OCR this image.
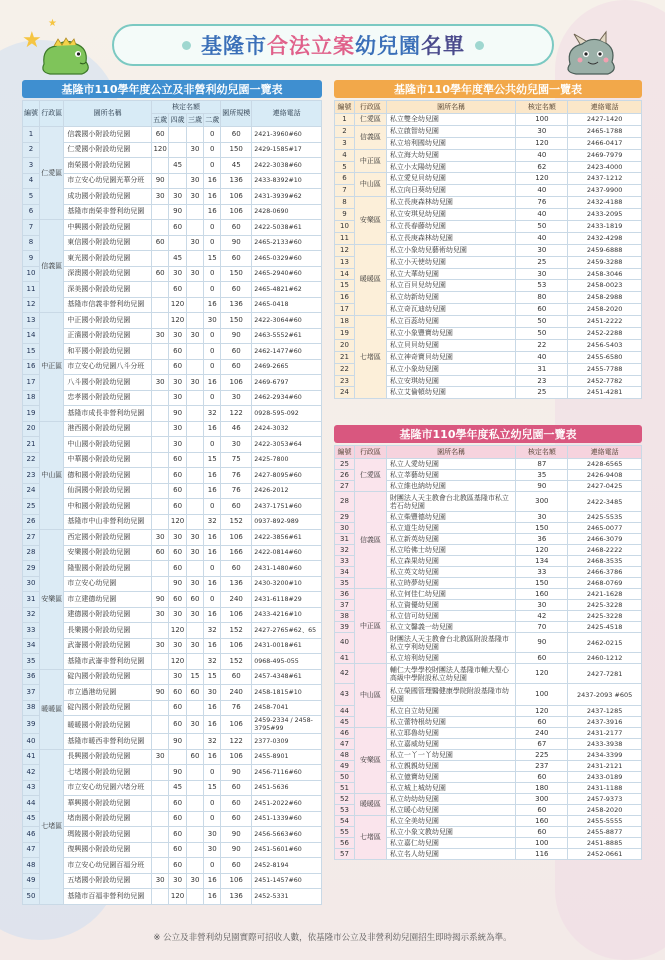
★
★
基隆市合法立案幼兒園名單
基隆市110學年度公立及非營利幼兒園一覽表
編號	行政區	園所名稱	核定名額				園所規模	連絡電話
			五歲	四歲	三歲	二歲		
1	仁愛區	信義國小附設幼兒園	60			0	60	2421-3960#60
2		仁愛國小附設幼兒園	120		30	0	150	2429-1585#17
3		南榮國小附設幼兒園		45		0	45	2422-3038#60
4		市立安心幼兒園光華分班	90		30	16	136	2433-8392#10
5		成功國小附設幼兒園	30	30	30	16	106	2431-3939#62
6		基隆市南榮非營利幼兒園		90		16	106	2428-0690
7	信義區	中興國小附設幼兒園		60		0	60	2422-5038#61
8		東信國小附設幼兒園	60		30	0	90	2465-2133#60
9		東光國小附設幼兒園		45		15	60	2465-0329#60
10		深澳國小附設幼兒園	60	30	30	0	150	2465-2940#60
11		深美國小附設幼兒園		60		0	60	2465-4821#62
12		基隆市信義非營利幼兒園		120		16	136	2465-0418
13	中正區	中正國小附設幼兒園		120		30	150	2422-3064#60
14		正濱國小附設幼兒園	30	30	30	0	90	2463-5552#61
15		和平國小附設幼兒園		60		0	60	2462-1477#60
16		市立安心幼兒園八斗分班		60		0	60	2469-2665
17		八斗國小附設幼兒園	30	30	30	16	106	2469-6797
18		忠孝國小附設幼兒園		30		0	30	2462-2934#60
19		基隆市成長非營利幼兒園		90		32	122	0928-595-092
20	中山區	港西國小附設幼兒園		30		16	46	2424-3032
21		中山國小附設幼兒園		30		0	30	2422-3053#64
22		中華國小附設幼兒園		60		15	75	2425-7800
23		德和國小附設幼兒園		60		16	76	2427-8095#60
24		仙洞國小附設幼兒園		60		16	76	2426-2012
25		中和國小附設幼兒園		60		0	60	2437-1751#60
26		基隆市中山非營利幼兒園		120		32	152	0937-892-989
27	安樂區	西定國小附設幼兒園	30	30	30	16	106	2422-3856#61
28		安樂國小附設幼兒園	60	60	30	16	166	2422-0814#60
29		隆聖國小附設幼兒園		60		0	60	2431-1480#60
30		市立安心幼兒園		90	30	16	136	2430-3200#10
31		市立建德幼兒園	90	60	60	0	240	2431-6118#29
32		建德國小附設幼兒園	30	30	30	16	106	2433-4216#10
33		長樂國小附設幼兒園		120		32	152	2427-2765#62、65
34		武崙國小附設幼兒園	30	30	30	16	106	2431-0018#61
35		基隆市武崙非營利幼兒園		120		32	152	0968-495-055
36	暖暖區	碇內國小附設幼兒園		30	15	15	60	2457-4348#61
37		市立過港幼兒園	90	60	60	30	240	2458-1815#10
38		碇內國小附設幼兒園		60		16	76	2458-7041
39		暖暖國小附設幼兒園		60	30	16	106	2459-2334 / 2458-3795#99
40		基隆市暖西非營利幼兒園		90		32	122	2377-0309
41	七堵區	長興國小附設幼兒園	30		60	16	106	2455-8901
42		七堵國小附設幼兒園		90		0	90	2456-7116#60
43		市立安心幼兒園六堵分班		45		15	60	2451-5636
44		華興國小附設幼兒園		60		0	60	2451-2022#60
45		堵南國小附設幼兒園		60		0	60	2451-1339#60
46		瑪陵國小附設幼兒園		60		30	90	2456-5663#60
47		復興國小附設幼兒園		60		30	90	2451-5601#60
48		市立安心幼兒園百福分班		60		0	60	2452-8194
49		五堵國小附設幼兒園	30	30	30	16	106	2451-1457#60
50		基隆市百福非營利幼兒園		120		16	136	2452-5331
基隆市110學年度準公共幼兒園一覽表
編號	行政區	園所名稱	核定名額	連絡電話
1	仁愛區	私立雙全幼兒園	100	2427-1420
2	信義區	私立啟智幼兒園	30	2465-1788
3		私立培利國幼兒園	120	2466-0417
4	中正區	私立海大幼兒園	40	2469-7979
5		私立小太陽幼兒園	62	2423-4000
6	中山區	私立愛兒貝幼兒園	120	2437-1212
7		私立向日葵幼兒園	40	2437-9900
8	安樂區	私立長庚森林幼兒園	76	2432-4188
9		私立安琪兒幼兒園	40	2433-2095
10		私立長春藤幼兒園	50	2433-1819
11		私立長庚森林幼兒園	40	2432-4298
12	暖暖區	私立小象幼兒藝術幼兒園	30	2459-6888
13		私立小天使幼兒園	25	2459-3288
14		私立大華幼兒園	30	2458-3046
15		私立百貝兒幼兒園	53	2458-0023
16		私立幼新幼兒園	80	2458-2988
17		私立奇瓦迪幼兒園	60	2458-2020
18	七堵區	私立百蕊幼兒園	50	2451-2222
19		私立小象豐寶幼兒園	50	2452-2288
20		私立貝貝幼兒園	22	2456-5403
21		私立神奇寶貝幼兒園	40	2455-6580
22		私立小象幼兒園	31	2455-7788
23		私立安琪幼兒園	23	2452-7782
24		私立艾倫頓幼兒園	25	2451-4281
基隆市110學年度私立幼兒園一覽表
編號	行政區	園所名稱	核定名額	連絡電話
25	仁愛區	私立人愛幼兒園	87	2428-6565
26		私立莘藝幼兒園	35	2426-9408
27		私立維也納幼兒園	90	2427-0425
28	信義區	財團法人天主教會台北教區基隆市私立若石幼兒園	300	2422-3485
29		私立柴豐德幼兒園	30	2425-5535
30		私立道生幼兒園	150	2465-0077
31		私立新英幼兒園	36	2466-3079
32		私立哈佛士幼兒園	120	2468-2222
33		私立森果幼兒園	134	2468-3535
34		私立英文幼兒園	33	2466-3786
35		私立時夢幼兒園	150	2468-0769
36	中正區	私立何佳仁幼兒園	160	2421-1628
37		私立資優幼兒園	30	2425-3228
38		私立信可幼兒園	42	2425-3228
39		私立文馨義一幼兒園	70	2425-4518
40		財團法人天主教會台北教區附設基隆市私立亨利幼兒園	90	2462-0215
41		私立培利幼兒園	60	2460-1212
42	中山區	輔仁大學學校財團法人基隆市輔大聖心高級中學附設私立幼兒園	120	2427-7281
43		私立榮國管理醫健康學院附設基隆市幼兒園	100	2437-2093 #605
44		私立自立幼兒園	120	2437-1285
45		私立蕾特根幼兒園	60	2437-3916
46	安樂區	私立耶魯幼兒園	240	2431-2177
47		私立嘉威幼兒園	67	2433-3938
48		私立一丫一丫幼兒園	225	2434-3399
49		私立親親幼兒園	237	2431-2121
50		私立億寶幼兒園	60	2433-0189
51		私立城上城幼兒園	180	2431-1188
52	暖暖區	私立幼幼幼兒園	300	2457-9373
53		私立暖心幼兒園	60	2458-2020
54	七堵區	私立全美幼兒園	160	2455-5555
55		私立小象文教幼兒園	60	2455-8877
56		私立嘉仁幼兒園	100	2451-8885
57		私立名人幼兒園	116	2452-0661
※ 公立及非營利幼兒園實際可招收人數，依基隆市公立及非營利幼兒園招生即時揭示系統為準。
